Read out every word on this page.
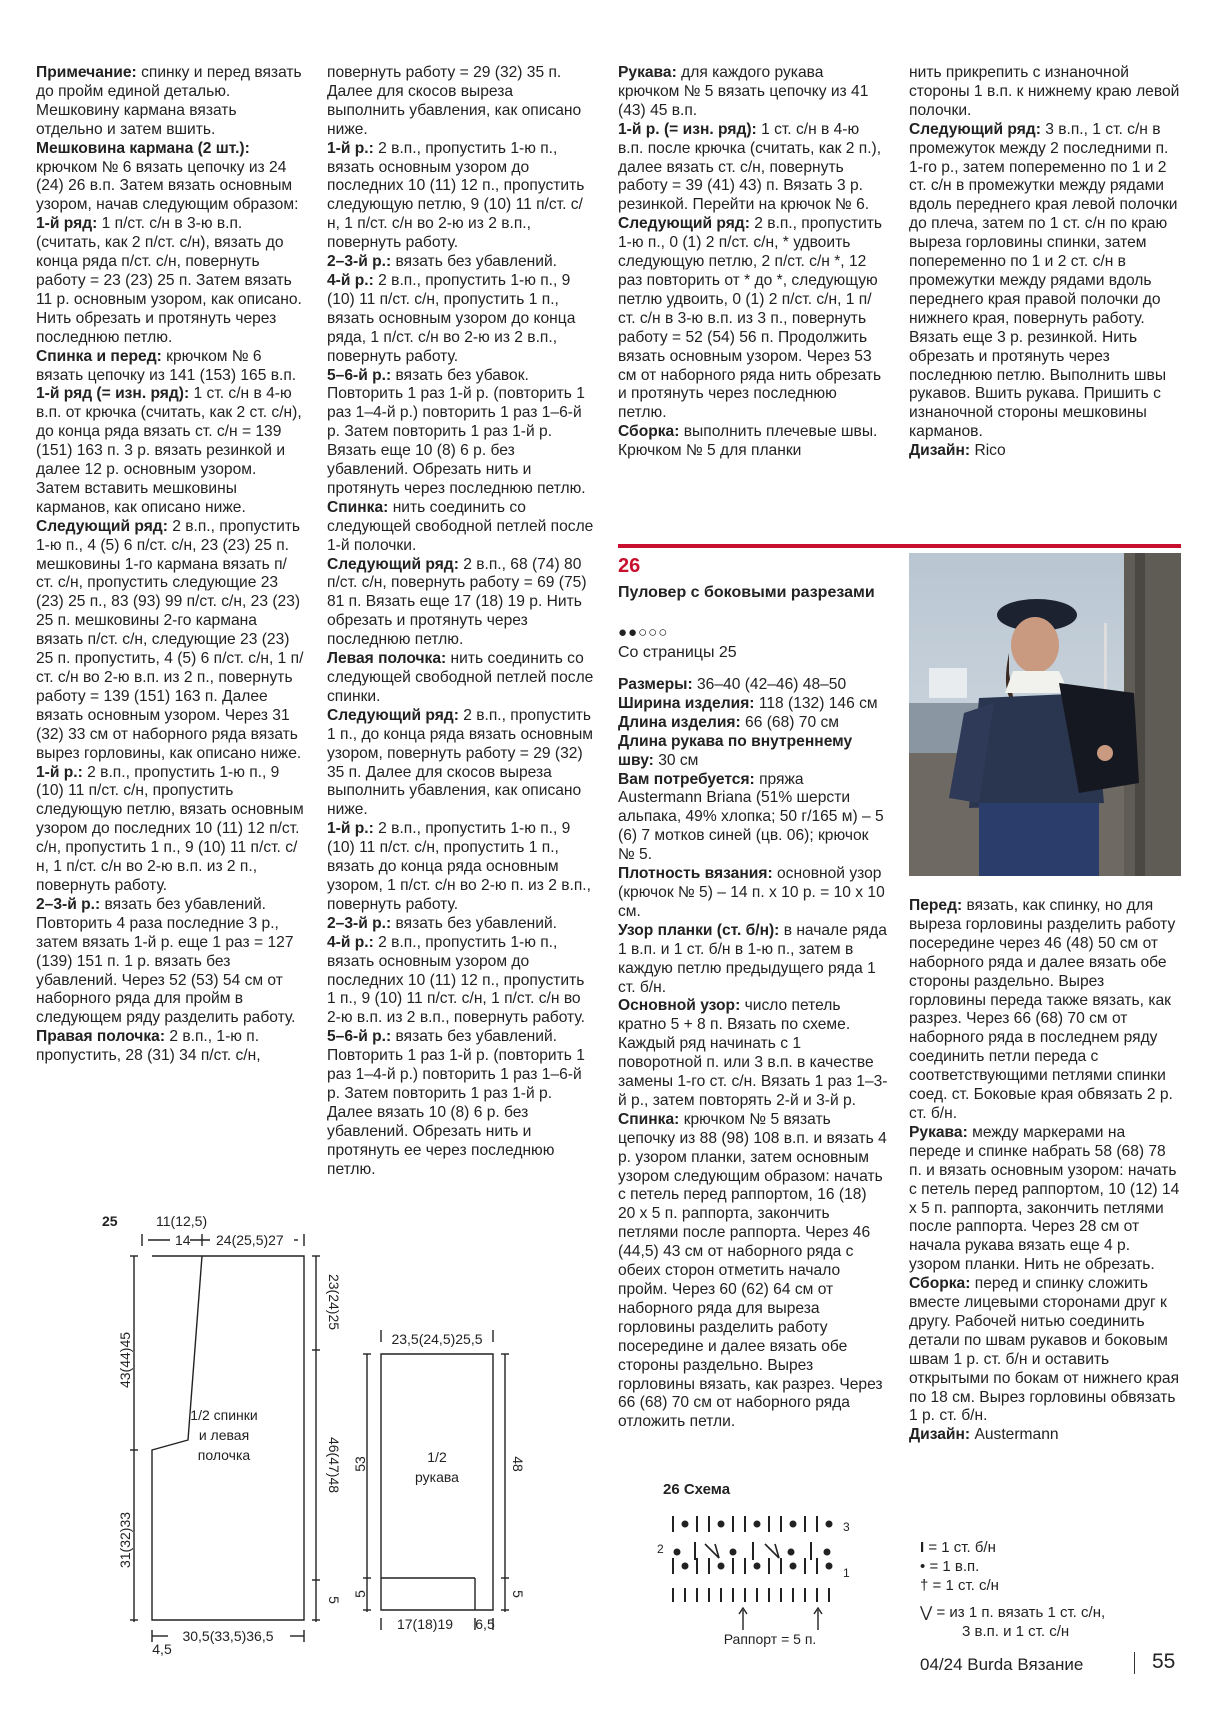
Примечание: спинку и перед вязать до пройм единой деталью. Мешковину кармана вязать отдельно и затем вшить.

Мешковина кармана (2 шт.): крючком № 6 вязать цепочку из 24 (24) 26 в.п. Затем вязать основным узором, начав следующим образом:

1-й ряд: 1 п/ст. с/н в 3-ю в.п. (считать, как 2 п/ст. с/н), вязать до конца ряда п/ст. с/н, повернуть работу = 23 (23) 25 п. Затем вязать 11 р. основным узором, как описано. Нить обрезать и протянуть через последнюю петлю.

Спинка и перед: крючком № 6 вязать цепочку из 141 (153) 165 в.п.

1-й ряд (= изн. ряд): 1 ст. с/н в 4-ю в.п. от крючка (считать, как 2 ст. с/н), до конца ряда вязать ст. с/н = 139 (151) 163 п. 3 р. вязать резинкой и далее 12 р. основным узором. Затем вставить мешковины карманов, как описано ниже.

Следующий ряд: 2 в.п., пропустить 1-ю п., 4 (5) 6 п/ст. с/н, 23 (23) 25 п. мешковины 1-го кармана вязать п/ст. с/н, пропустить следующие 23 (23) 25 п., 83 (93) 99 п/ст. с/н, 23 (23) 25 п. мешковины 2-го кармана вязать п/ст. с/н, следующие 23 (23) 25 п. пропустить, 4 (5) 6 п/ст. с/н, 1 п/ст. с/н во 2-ю в.п. из 2 п., повернуть работу = 139 (151) 163 п. Далее вязать основным узором. Через 31 (32) 33 см от наборного ряда вязать вырез горловины, как описано ниже.

1-й р.: 2 в.п., пропустить 1-ю п., 9 (10) 11 п/ст. с/н, пропустить следующую петлю, вязать основным узором до последних 10 (11) 12 п/ст. с/н, пропустить 1 п., 9 (10) 11 п/ст. с/н, 1 п/ст. с/н во 2-ю в.п. из 2 п., повернуть работу.

2–3-й р.: вязать без убавлений. Повторить 4 раза последние 3 р., затем вязать 1-й р. еще 1 раз = 127 (139) 151 п. 1 р. вязать без убавлений. Через 52 (53) 54 см от наборного ряда для пройм в следующем ряду разделить работу.

Правая полочка: 2 в.п., 1-ю п. пропустить, 28 (31) 34 п/ст. с/н,

повернуть работу = 29 (32) 35 п. Далее для скосов выреза выполнить убавления, как описано ниже.

1-й р.: 2 в.п., пропустить 1-ю п., вязать основным узором до последних 10 (11) 12 п., пропустить следующую петлю, 9 (10) 11 п/ст. с/н, 1 п/ст. с/н во 2-ю из 2 в.п., повернуть работу.

2–3-й р.: вязать без убавлений.

4-й р.: 2 в.п., пропустить 1-ю п., 9 (10) 11 п/ст. с/н, пропустить 1 п., вязать основным узором до конца ряда, 1 п/ст. с/н во 2-ю из 2 в.п., повернуть работу.

5–6-й р.: вязать без убавок. Повторить 1 раз 1-й р. (повторить 1 раз 1–4-й р.) повторить 1 раз 1–6-й р. Затем повторить 1 раз 1-й р. Вязать еще 10 (8) 6 р. без убавлений. Обрезать нить и протянуть через последнюю петлю.

Спинка: нить соединить со следующей свободной петлей после 1-й полочки.

Следующий ряд: 2 в.п., 68 (74) 80 п/ст. с/н, повернуть работу = 69 (75) 81 п. Вязать еще 17 (18) 19 р. Нить обрезать и протянуть через последнюю петлю.

Левая полочка: нить соединить со следующей свободной петлей после спинки.

Следующий ряд: 2 в.п., пропустить 1 п., до конца ряда вязать основным узором, повернуть работу = 29 (32) 35 п. Далее для скосов выреза выполнить убавления, как описано ниже.

1-й р.: 2 в.п., пропустить 1-ю п., 9 (10) 11 п/ст. с/н, пропустить 1 п., вязать до конца ряда основным узором, 1 п/ст. с/н во 2-ю п. из 2 в.п., повернуть работу.

2–3-й р.: вязать без убавлений.

4-й р.: 2 в.п., пропустить 1-ю п., вязать основным узором до последних 10 (11) 12 п., пропустить 1 п., 9 (10) 11 п/ст. с/н, 1 п/ст. с/н во 2-ю в.п. из 2 в.п., повернуть работу.

5–6-й р.: вязать без убавлений. Повторить 1 раз 1-й р. (повторить 1 раз 1–4-й р.) повторить 1 раз 1–6-й р. Затем повторить 1 раз 1-й р. Далее вязать 10 (8) 6 р. без убавлений. Обрезать нить и протянуть ее через последнюю петлю.

Рукава: для каждого рукава крючком № 5 вязать цепочку из 41 (43) 45 в.п.

1-й р. (= изн. ряд): 1 ст. с/н в 4-ю в.п. после крючка (считать, как 2 п.), далее вязать ст. с/н, повернуть работу = 39 (41) 43) п. Вязать 3 р. резинкой. Перейти на крючок № 6.

Следующий ряд: 2 в.п., пропустить 1-ю п., 0 (1) 2 п/ст. с/н, * удвоить следующую петлю, 2 п/ст. с/н *, 12 раз повторить от * до *, следующую петлю удвоить, 0 (1) 2 п/ст. с/н, 1 п/ст. с/н в 3-ю в.п. из 3 п., повернуть работу = 52 (54) 56 п. Продолжить вязать основным узором. Через 53 см от наборного ряда нить обрезать и протянуть через последнюю петлю.

Сборка: выполнить плечевые швы. Крючком № 5 для планки

нить прикрепить с изнаночной стороны 1 в.п. к нижнему краю левой полочки.

Следующий ряд: 3 в.п., 1 ст. с/н в промежуток между 2 последними п. 1-го р., затем попеременно по 1 и 2 ст. с/н в промежутки между рядами вдоль переднего края левой полочки до плеча, затем по 1 ст. с/н по краю выреза горловины спинки, затем попеременно по 1 и 2 ст. с/н в промежутки между рядами вдоль переднего края правой полочки до нижнего края, повернуть работу. Вязать еще 3 р. резинкой. Нить обрезать и протянуть через последнюю петлю. Выполнить швы рукавов. Вшить рукава. Пришить с изнаночной стороны мешковины карманов.

Дизайн: Rico

26
Пуловер с боковыми разрезами
●●○○○
Со страницы 25

Размеры: 36–40 (42–46) 48–50

Ширина изделия: 118 (132) 146 см

Длина изделия: 66 (68) 70 см

Длина рукава по внутреннему шву: 30 см

Вам потребуется: пряжа Austermann Briana (51% шерсти альпака, 49% хлопка; 50 г/165 м) – 5 (6) 7 мотков синей (цв. 06); крючок № 5.

Плотность вязания: основной узор (крючок № 5) – 14 п. х 10 р. = 10 х 10 см.

Узор планки (ст. б/н): в начале ряда 1 в.п. и 1 ст. б/н в 1-ю п., затем в каждую петлю предыдущего ряда 1 ст. б/н.

Основной узор: число петель кратно 5 + 8 п. Вязать по схеме. Каждый ряд начинать с 1 поворотной п. или 3 в.п. в качестве замены 1-го ст. с/н. Вязать 1 раз 1–3-й р., затем повторять 2-й и 3-й р.

Спинка: крючком № 5 вязать цепочку из 88 (98) 108 в.п. и вязать 4 р. узором планки, затем основным узором следующим образом: начать с петель перед раппортом, 16 (18) 20 х 5 п. раппорта, закончить петлями после раппорта. Через 46 (44,5) 43 см от наборного ряда с обеих сторон отметить начало пройм. Через 60 (62) 64 см от наборного ряда для выреза горловины разделить работу посередине и далее вязать обе стороны раздельно. Вырез горловины вязать, как разрез. Через 66 (68) 70 см от наборного ряда отложить петли.

Перед: вязать, как спинку, но для выреза горловины разделить работу посередине через 46 (48) 50 см от наборного ряда и далее вязать обе стороны раздельно. Вырез горловины переда также вязать, как разрез. Через 66 (68) 70 см от наборного ряда в последнем ряду соединить петли переда с соответствующими петлями спинки соед. ст. Боковые края обвязать 2 р. ст. б/н.

Рукава: между маркерами на переде и спинке набрать 58 (68) 78 п. и вязать основным узором: начать с петель перед раппортом, 10 (12) 14 х 5 п. раппорта, закончить петлями после раппорта. Через 28 см от начала рукава вязать еще 4 р. узором планки. Нить не обрезать.

Сборка: перед и спинку сложить вместе лицевыми сторонами друг к другу. Рабочей нитью соединить детали по швам рукавов и боковым швам 1 р. ст. б/н и оставить открытыми по бокам от нижнего края по 18 см. Вырез горловины обвязать 1 р. ст. б/н.

Дизайн: Austermann

25	11(12,5)
14 24(25,5)27
43(44)45
31(32)33
23(24)25
46(47)48
5
30,5(33,5)36,5
4,5
1/2 спинки
и левая
полочка
23,5(24,5)25,5
53	48
5
5
17(18)19 6,5
1/2
рукава
26 Схема
3
2
1
Раппорт = 5 п.
I = 1 ст. б/н
• = 1 в.п.
† = 1 ст. с/н
⋁ = из 1 п. вязать 1 ст. с/н,
3 в.п. и 1 ст. с/н
04/24 Burda Вязание	55
